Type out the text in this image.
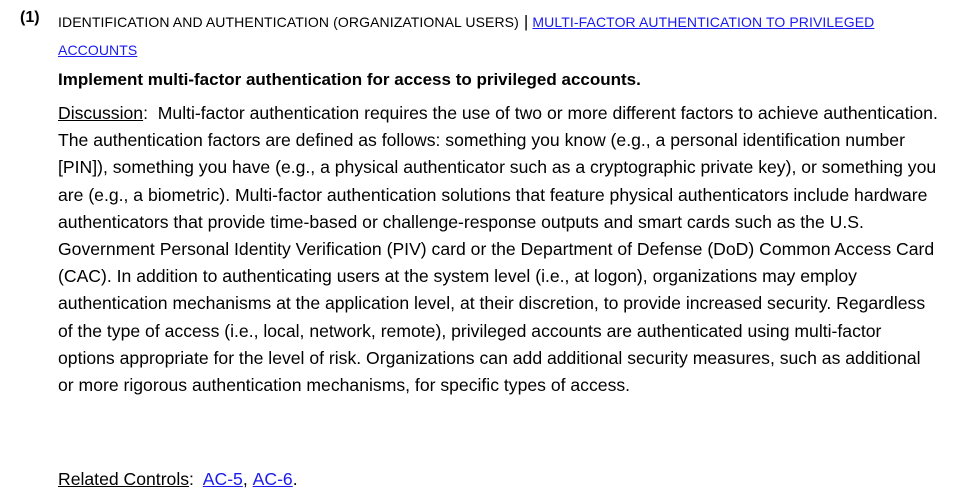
(1) IDENTIFICATION AND AUTHENTICATION (ORGANIZATIONAL USERS) | MULTI-FACTOR AUTHENTICATION TO PRIVILEGED ACCOUNTS
Implement multi-factor authentication for access to privileged accounts.

Discussion:  Multi-factor authentication requires the use of two or more different factors to achieve authentication. The authentication factors are defined as follows: something you know (e.g., a personal identification number [PIN]), something you have (e.g., a physical authenticator such as a cryptographic private key), or something you are (e.g., a biometric). Multi-factor authentication solutions that feature physical authenticators include hardware authenticators that provide time-based or challenge-response outputs and smart cards such as the U.S. Government Personal Identity Verification (PIV) card or the Department of Defense (DoD) Common Access Card (CAC). In addition to authenticating users at the system level (i.e., at logon), organizations may employ authentication mechanisms at the application level, at their discretion, to provide increased security. Regardless of the type of access (i.e., local, network, remote), privileged accounts are authenticated using multi-factor options appropriate for the level of risk. Organizations can add additional security measures, such as additional or more rigorous authentication mechanisms, for specific types of access.

Related Controls:  AC-5, AC-6.
